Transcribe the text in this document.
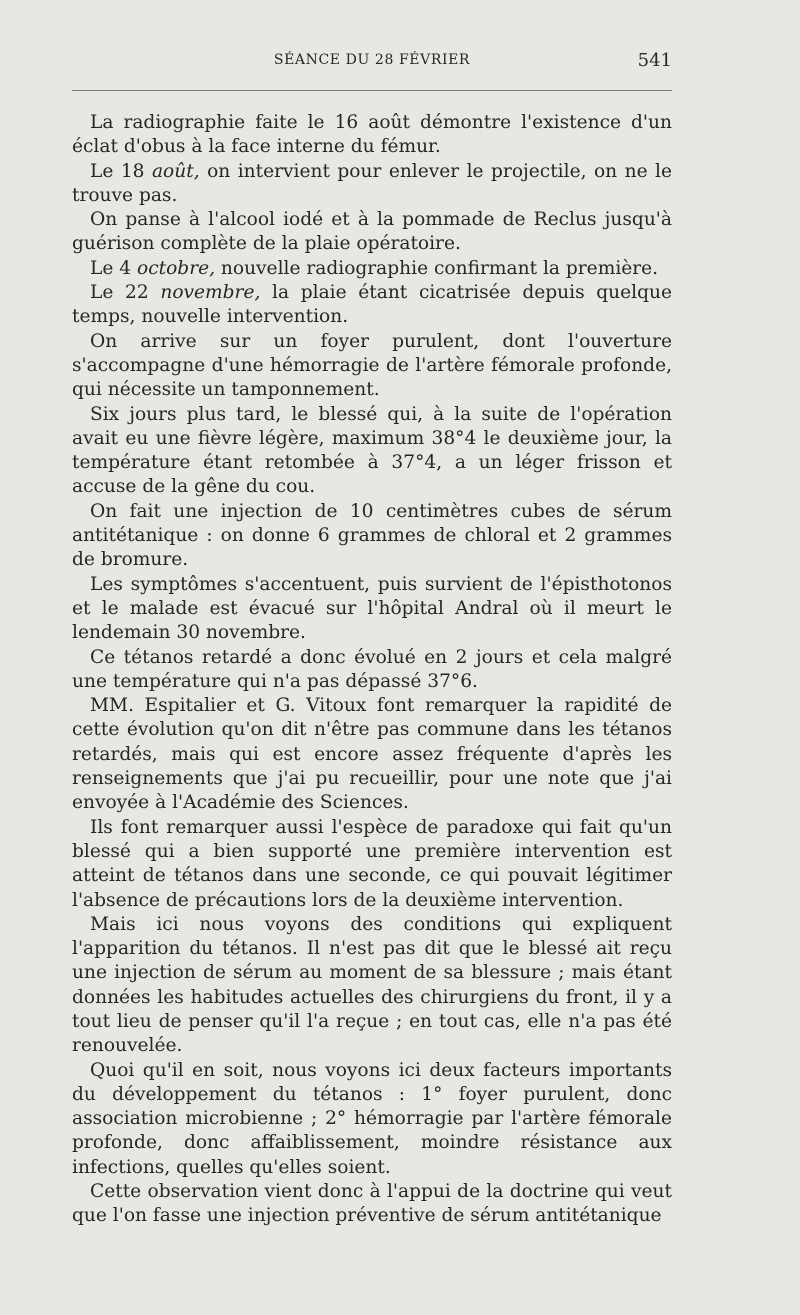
SÉANCE DU 28 FÉVRIER	541

La radiographie faite le 16 août démontre l'existence d'un éclat d'obus à la face interne du fémur.

Le 18 août, on intervient pour enlever le projectile, on ne le trouve pas.

On panse à l'alcool iodé et à la pommade de Reclus jusqu'à guérison complète de la plaie opératoire.

Le 4 octobre, nouvelle radiographie confirmant la première.

Le 22 novembre, la plaie étant cicatrisée depuis quelque temps, nouvelle intervention.

On arrive sur un foyer purulent, dont l'ouverture s'accompagne d'une hémorragie de l'artère fémorale profonde, qui nécessite un tamponnement.

Six jours plus tard, le blessé qui, à la suite de l'opération avait eu une fièvre légère, maximum 38°4 le deuxième jour, la température étant retombée à 37°4, a un léger frisson et accuse de la gêne du cou.

On fait une injection de 10 centimètres cubes de sérum antitétanique : on donne 6 grammes de chloral et 2 grammes de bromure.

Les symptômes s'accentuent, puis survient de l'épisthotonos et le malade est évacué sur l'hôpital Andral où il meurt le lendemain 30 novembre.

Ce tétanos retardé a donc évolué en 2 jours et cela malgré une température qui n'a pas dépassé 37°6.

MM. Espitalier et G. Vitoux font remarquer la rapidité de cette évolution qu'on dit n'être pas commune dans les tétanos retardés, mais qui est encore assez fréquente d'après les renseignements que j'ai pu recueillir, pour une note que j'ai envoyée à l'Académie des Sciences.

Ils font remarquer aussi l'espèce de paradoxe qui fait qu'un blessé qui a bien supporté une première intervention est atteint de tétanos dans une seconde, ce qui pouvait légitimer l'absence de précautions lors de la deuxième intervention.

Mais ici nous voyons des conditions qui expliquent l'apparition du tétanos. Il n'est pas dit que le blessé ait reçu une injection de sérum au moment de sa blessure ; mais étant données les habitudes actuelles des chirurgiens du front, il y a tout lieu de penser qu'il l'a reçue ; en tout cas, elle n'a pas été renouvelée.

Quoi qu'il en soit, nous voyons ici deux facteurs importants du développement du tétanos : 1° foyer purulent, donc association microbienne ; 2° hémorragie par l'artère fémorale profonde, donc affaiblissement, moindre résistance aux infections, quelles qu'elles soient.

Cette observation vient donc à l'appui de la doctrine qui veut que l'on fasse une injection préventive de sérum antitétanique
